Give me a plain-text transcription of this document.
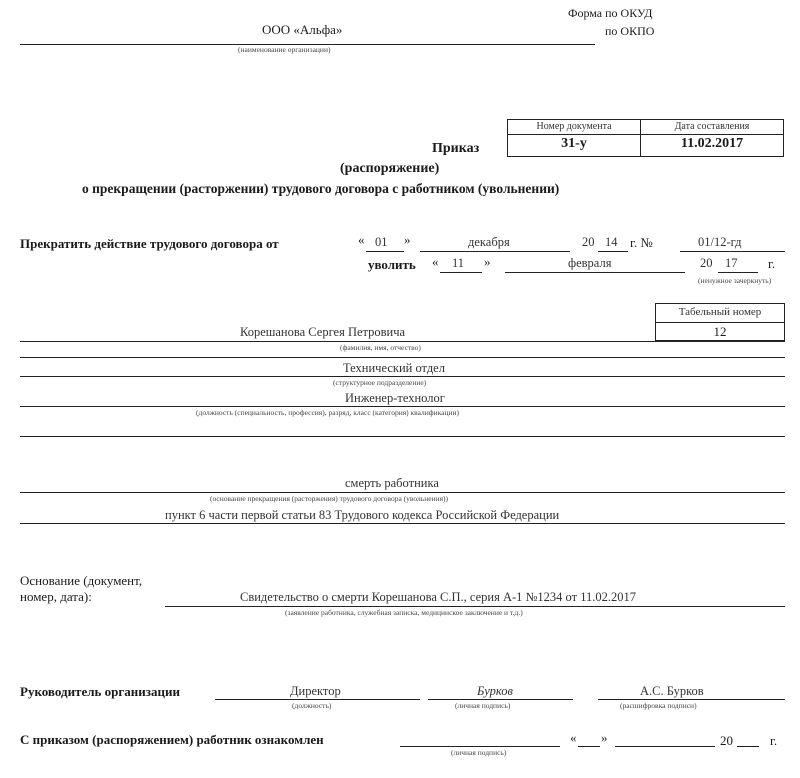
ООО «Альфа»
(наименование организации)
Форма по ОКУД
по ОКПО
Номер документа	Дата составления
31-у	11.02.2017
Приказ
(распоряжение)
о прекращении (расторжении) трудового договора с работником (увольнении)
Прекратить действие трудового договора от	« 01 »	декабря	20 14 г. №	01/12-гд
уволить « 11 »	февраля	20 17 г.
(ненужное зачеркнуть)
Табельный номер
12
Корешанова Сергея Петровича
(фамилия, имя, отчество)
Технический отдел
(структурное подразделение)
Инженер-технолог
(должность (специальность, профессия), разряд, класс (категория) квалификации)
смерть работника
(основание прекращения (расторжения) трудового договора (увольнения))
пункт 6 части первой статьи 83 Трудового кодекса Российской Федерации
Основание (документ,
номер, дата):	Свидетельство о смерти Корешанова С.П., серия А-1 №1234 от 11.02.2017
(заявление работника, служебная записка, медицинское заключение и т.д.)
Руководитель организации	Директор
(должность)
Бурков
(личная подпись)
А.С. Бурков
(расшифровка подписи)
С приказом (распоряжением) работник ознакомлен
(личная подпись)
« »	20	г.
